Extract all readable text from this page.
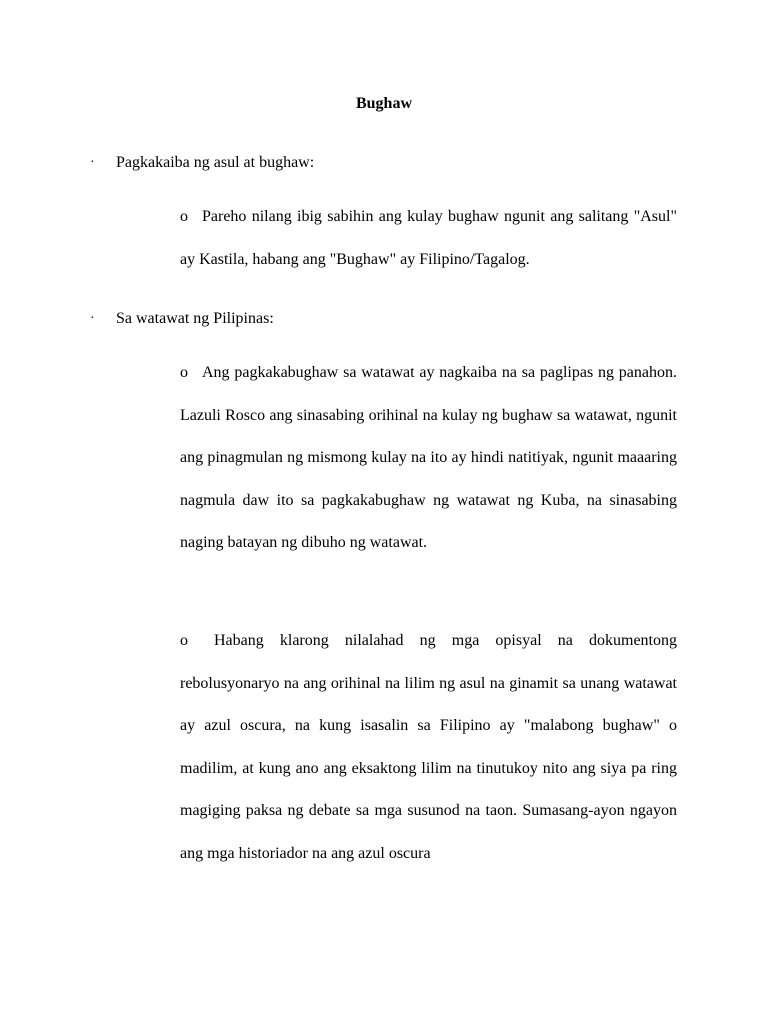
Bughaw
·	Pagkakaiba ng asul at bughaw:

o Pareho nilang ibig sabihin ang kulay bughaw ngunit ang salitang "Asul" ay Kastila, habang ang "Bughaw" ay Filipino/Tagalog.

·	Sa watawat ng Pilipinas:

o Ang pagkakabughaw sa watawat ay nagkaiba na sa paglipas ng panahon. Lazuli Rosco ang sinasabing orihinal na kulay ng bughaw sa watawat, ngunit ang pinagmulan ng mismong kulay na ito ay hindi natitiyak, ngunit maaaring nagmula daw ito sa pagkakabughaw ng watawat ng Kuba, na sinasabing naging batayan ng dibuho ng watawat.

o Habang klarong nilalahad ng mga opisyal na dokumentong rebolusyonaryo na ang orihinal na lilim ng asul na ginamit sa unang watawat ay azul oscura, na kung isasalin sa Filipino ay "malabong bughaw" o madilim, at kung ano ang eksaktong lilim na tinutukoy nito ang siya pa ring magiging paksa ng debate sa mga susunod na taon. Sumasang-ayon ngayon ang mga historiador na ang azul oscura
